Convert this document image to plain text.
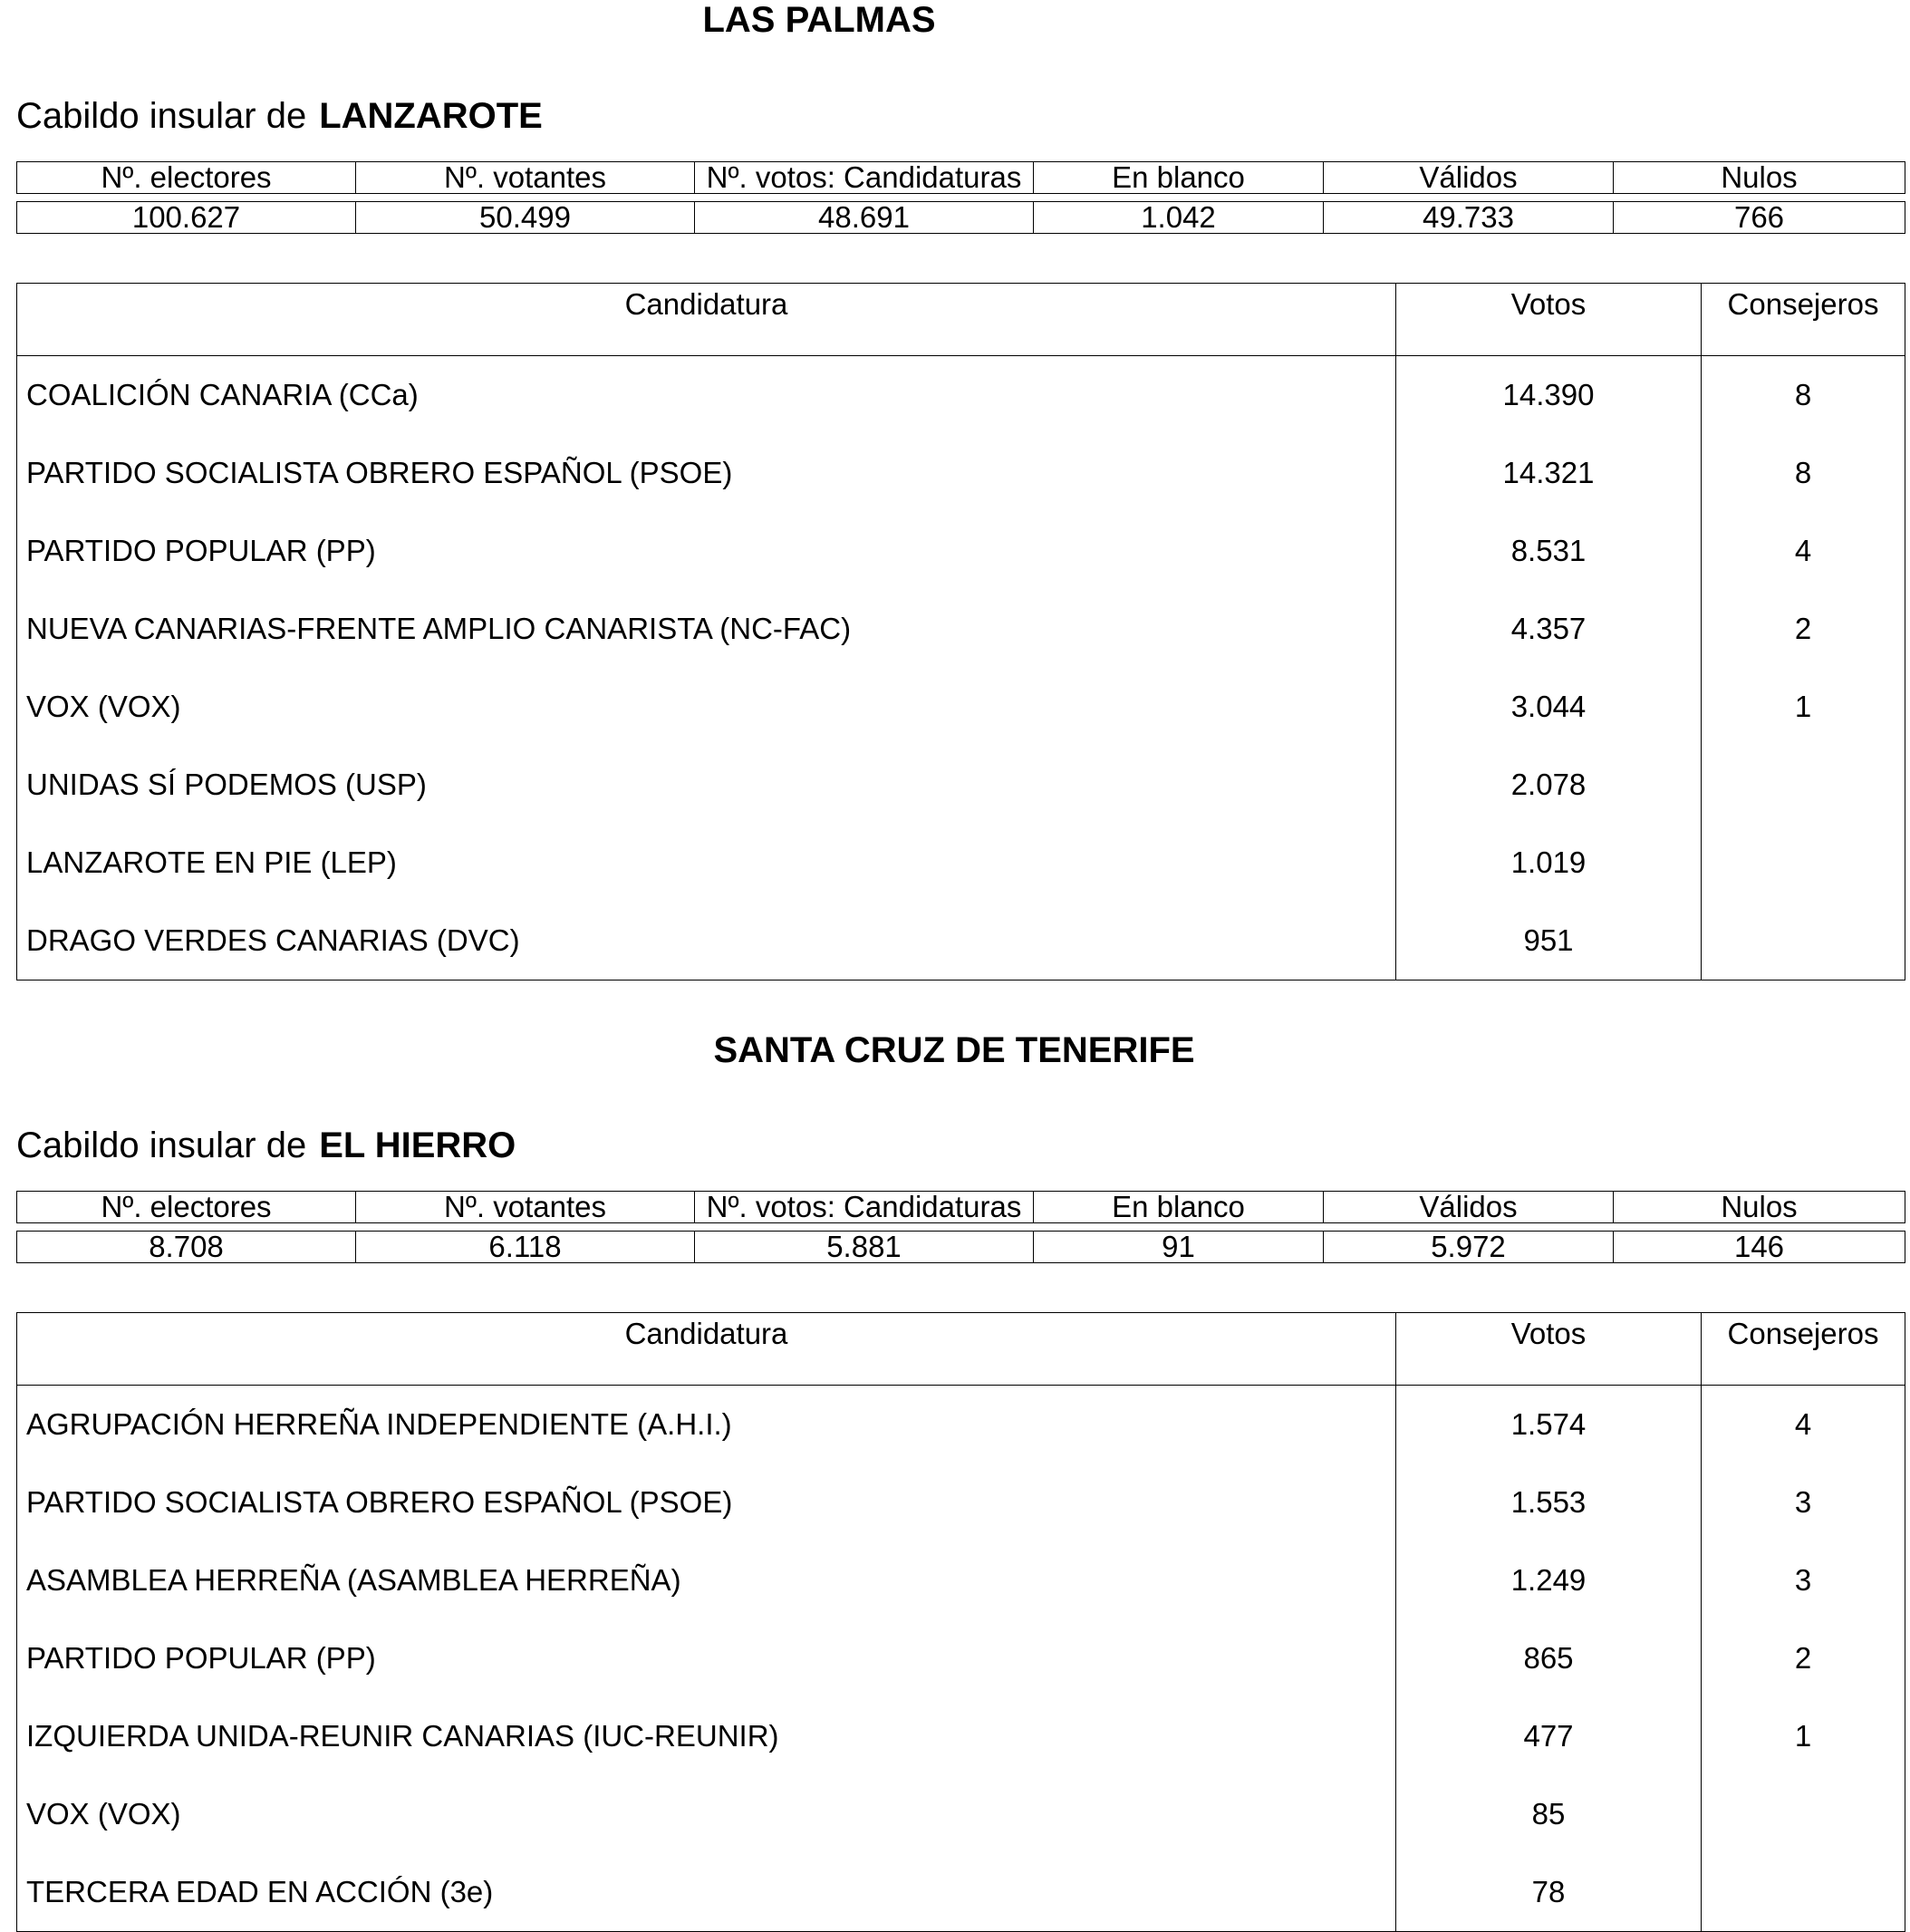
LAS PALMAS
Cabildo insular de LANZAROTE
Nº. electores	Nº. votantes	Nº. votos: Candidaturas	En blanco	Válidos	Nulos

100.627	50.499	48.691	1.042	49.733	766
Candidatura	Votos	Consejeros
COALICIÓN CANARIA (CCa)	14.390	8
PARTIDO SOCIALISTA OBRERO ESPAÑOL (PSOE)	14.321	8
PARTIDO POPULAR (PP)	8.531	4
NUEVA CANARIAS-FRENTE AMPLIO CANARISTA (NC-FAC)	4.357	2
VOX (VOX)	3.044	1
UNIDAS SÍ PODEMOS (USP)	2.078	
LANZAROTE EN PIE (LEP)	1.019	
DRAGO VERDES CANARIAS (DVC)	951	
SANTA CRUZ DE TENERIFE
Cabildo insular de EL HIERRO
Nº. electores	Nº. votantes	Nº. votos: Candidaturas	En blanco	Válidos	Nulos

8.708	6.118	5.881	91	5.972	146
Candidatura	Votos	Consejeros
AGRUPACIÓN HERREÑA INDEPENDIENTE (A.H.I.)	1.574	4
PARTIDO SOCIALISTA OBRERO ESPAÑOL (PSOE)	1.553	3
ASAMBLEA HERREÑA (ASAMBLEA HERREÑA)	1.249	3
PARTIDO POPULAR (PP)	865	2
IZQUIERDA UNIDA-REUNIR CANARIAS (IUC-REUNIR)	477	1
VOX (VOX)	85	
TERCERA EDAD EN ACCIÓN (3e)	78	
